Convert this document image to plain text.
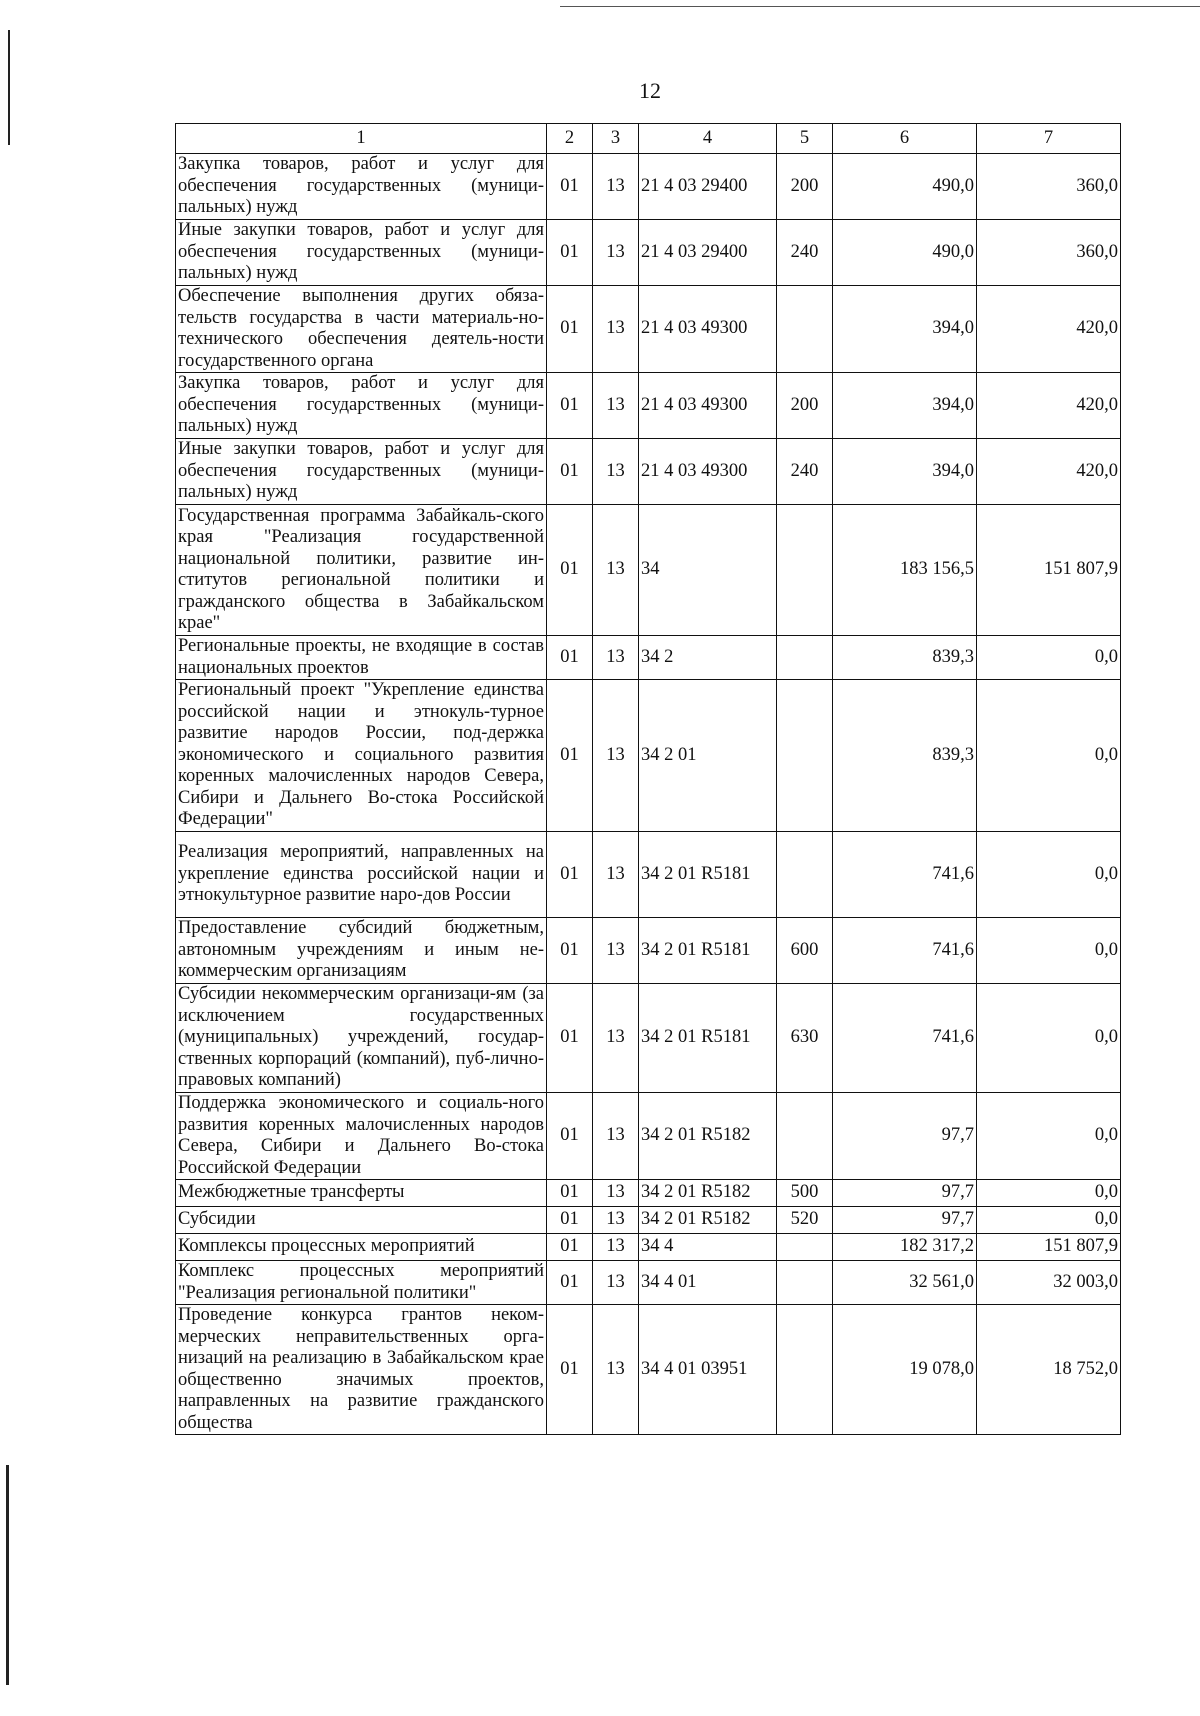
12
1	2	3	4	5	6	7
Закупка товаров, работ и услуг для обеспечения государственных (муници-пальных) нужд	01	13	21 4 03 29400	200	490,0	360,0
Иные закупки товаров, работ и услуг для обеспечения государственных (муници-пальных) нужд	01	13	21 4 03 29400	240	490,0	360,0
Обеспечение выполнения других обяза-тельств государства в части материаль-но-технического обеспечения деятель-ности государственного органа	01	13	21 4 03 49300		394,0	420,0
Закупка товаров, работ и услуг для обеспечения государственных (муници-пальных) нужд	01	13	21 4 03 49300	200	394,0	420,0
Иные закупки товаров, работ и услуг для обеспечения государственных (муници-пальных) нужд	01	13	21 4 03 49300	240	394,0	420,0
Государственная программа Забайкаль-ского края "Реализация государственной национальной политики, развитие ин-ститутов региональной политики и гражданского общества в Забайкальском крае"	01	13	34		183 156,5	151 807,9
Региональные проекты, не входящие в состав национальных проектов	01	13	34 2		839,3	0,0
Региональный проект "Укрепление единства российской нации и этнокуль-турное развитие народов России, под-держка экономического и социального развития коренных малочисленных народов Севера, Сибири и Дальнего Во-стока Российской Федерации"	01	13	34 2 01		839,3	0,0
Реализация мероприятий, направленных на укрепление единства российской нации и этнокультурное развитие наро-дов России	01	13	34 2 01 R5181		741,6	0,0
Предоставление субсидий бюджетным, автономным учреждениям и иным не-коммерческим организациям	01	13	34 2 01 R5181	600	741,6	0,0
Субсидии некоммерческим организаци-ям (за исключением государственных (муниципальных) учреждений, государ-ственных корпораций (компаний), пуб-лично-правовых компаний)	01	13	34 2 01 R5181	630	741,6	0,0
Поддержка экономического и социаль-ного развития коренных малочисленных народов Севера, Сибири и Дальнего Во-стока Российской Федерации	01	13	34 2 01 R5182		97,7	0,0
Межбюджетные трансферты	01	13	34 2 01 R5182	500	97,7	0,0
Субсидии	01	13	34 2 01 R5182	520	97,7	0,0
Комплексы процессных мероприятий	01	13	34 4		182 317,2	151 807,9
Комплекс процессных мероприятий "Реализация региональной политики"	01	13	34 4 01		32 561,0	32 003,0
Проведение конкурса грантов неком-мерческих неправительственных орга-низаций на реализацию в Забайкальском крае общественно значимых проектов, направленных на развитие гражданского общества	01	13	34 4 01 03951		19 078,0	18 752,0
